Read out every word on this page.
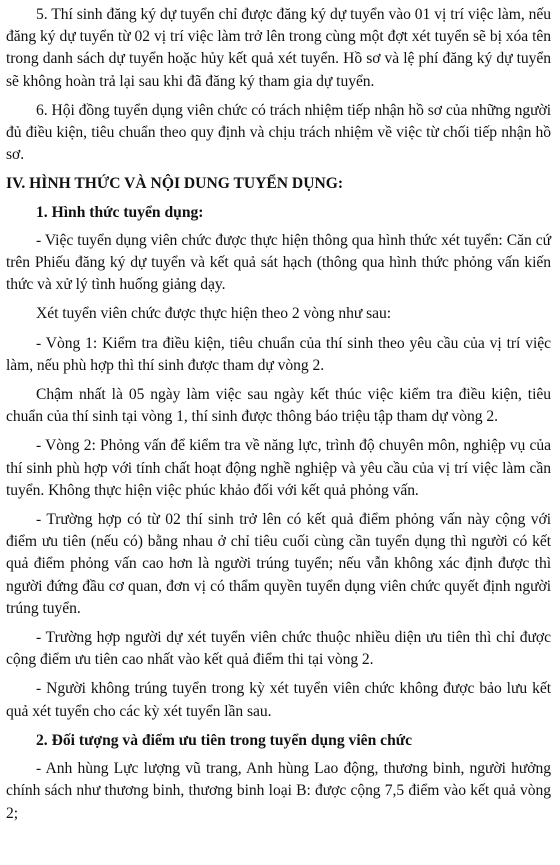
5. Thí sinh đăng ký dự tuyển chỉ được đăng ký dự tuyển vào 01 vị trí việc làm, nếu đăng ký dự tuyển từ 02 vị trí việc làm trở lên trong cùng một đợt xét tuyển sẽ bị xóa tên trong danh sách dự tuyển hoặc hủy kết quả xét tuyển. Hồ sơ và lệ phí đăng ký dự tuyển sẽ không hoàn trả lại sau khi đã đăng ký tham gia dự tuyển.

6. Hội đồng tuyển dụng viên chức có trách nhiệm tiếp nhận hồ sơ của những người đủ điều kiện, tiêu chuẩn theo quy định và chịu trách nhiệm về việc từ chối tiếp nhận hồ sơ.

IV. HÌNH THỨC VÀ NỘI DUNG TUYỂN DỤNG:

1. Hình thức tuyển dụng:

- Việc tuyển dụng viên chức được thực hiện thông qua hình thức xét tuyển: Căn cứ trên Phiếu đăng ký dự tuyển và kết quả sát hạch (thông qua hình thức phỏng vấn kiến thức và xử lý tình huống giảng dạy.

Xét tuyển viên chức được thực hiện theo 2 vòng như sau:

- Vòng 1: Kiểm tra điều kiện, tiêu chuẩn của thí sinh theo yêu cầu của vị trí việc làm, nếu phù hợp thì thí sinh được tham dự vòng 2.

Chậm nhất là 05 ngày làm việc sau ngày kết thúc việc kiểm tra điều kiện, tiêu chuẩn của thí sinh tại vòng 1, thí sinh được thông báo triệu tập tham dự vòng 2.

- Vòng 2: Phỏng vấn để kiểm tra về năng lực, trình độ chuyên môn, nghiệp vụ của thí sinh phù hợp với tính chất hoạt động nghề nghiệp và yêu cầu của vị trí việc làm cần tuyển. Không thực hiện việc phúc khảo đối với kết quả phỏng vấn.

- Trường hợp có từ 02 thí sinh trở lên có kết quả điểm phỏng vấn này cộng với điểm ưu tiên (nếu có) bằng nhau ở chỉ tiêu cuối cùng cần tuyển dụng thì người có kết quả điểm phỏng vấn cao hơn là người trúng tuyển; nếu vẫn không xác định được thì người đứng đầu cơ quan, đơn vị có thẩm quyền tuyển dụng viên chức quyết định người trúng tuyển.

- Trường hợp người dự xét tuyển viên chức thuộc nhiều diện ưu tiên thì chỉ được cộng điểm ưu tiên cao nhất vào kết quả điểm thi tại vòng 2.

- Người không trúng tuyển trong kỳ xét tuyển viên chức không được bảo lưu kết quả xét tuyển cho các kỳ xét tuyển lần sau.

2. Đối tượng và điểm ưu tiên trong tuyển dụng viên chức

- Anh hùng Lực lượng vũ trang, Anh hùng Lao động, thương binh, người hưởng chính sách như thương binh, thương binh loại B: được cộng 7,5 điểm vào kết quả vòng 2;
